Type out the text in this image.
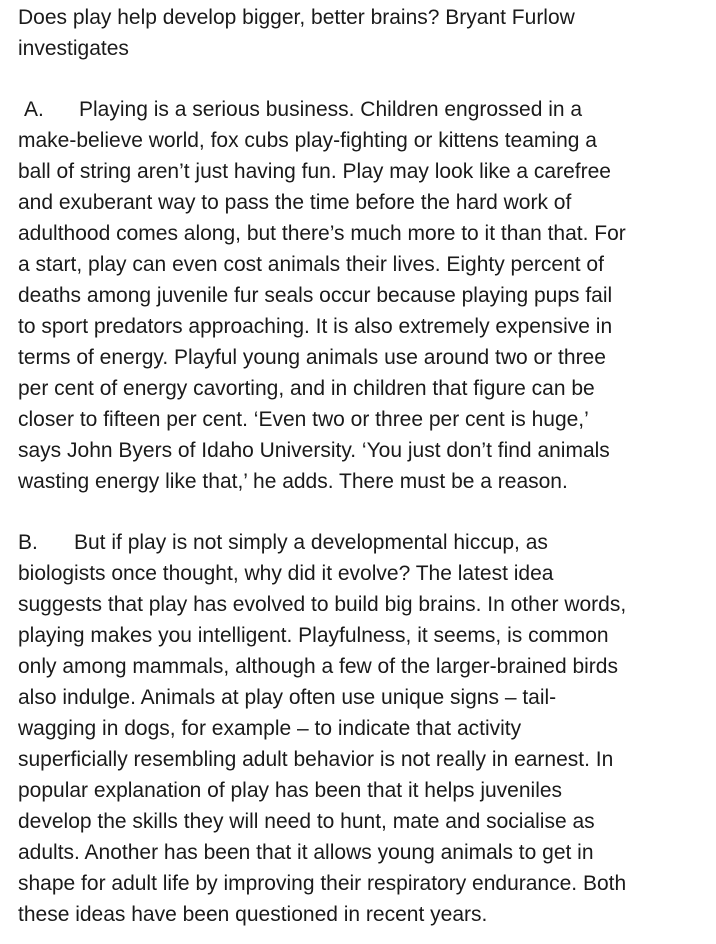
Does play help develop bigger, better brains? Bryant Furlow
investigates
A. Playing is a serious business. Children engrossed in a
make-believe world, fox cubs play-fighting or kittens teaming a
ball of string aren’t just having fun. Play may look like a carefree
and exuberant way to pass the time before the hard work of
adulthood comes along, but there’s much more to it than that. For
a start, play can even cost animals their lives. Eighty percent of
deaths among juvenile fur seals occur because playing pups fail
to sport predators approaching. It is also extremely expensive in
terms of energy. Playful young animals use around two or three
per cent of energy cavorting, and in children that figure can be
closer to fifteen per cent. ‘Even two or three per cent is huge,’
says John Byers of Idaho University. ‘You just don’t find animals
wasting energy like that,’ he adds. There must be a reason.
B. But if play is not simply a developmental hiccup, as
biologists once thought, why did it evolve? The latest idea
suggests that play has evolved to build big brains. In other words,
playing makes you intelligent. Playfulness, it seems, is common
only among mammals, although a few of the larger-brained birds
also indulge. Animals at play often use unique signs – tail-
wagging in dogs, for example – to indicate that activity
superficially resembling adult behavior is not really in earnest. In
popular explanation of play has been that it helps juveniles
develop the skills they will need to hunt, mate and socialise as
adults. Another has been that it allows young animals to get in
shape for adult life by improving their respiratory endurance. Both
these ideas have been questioned in recent years.
